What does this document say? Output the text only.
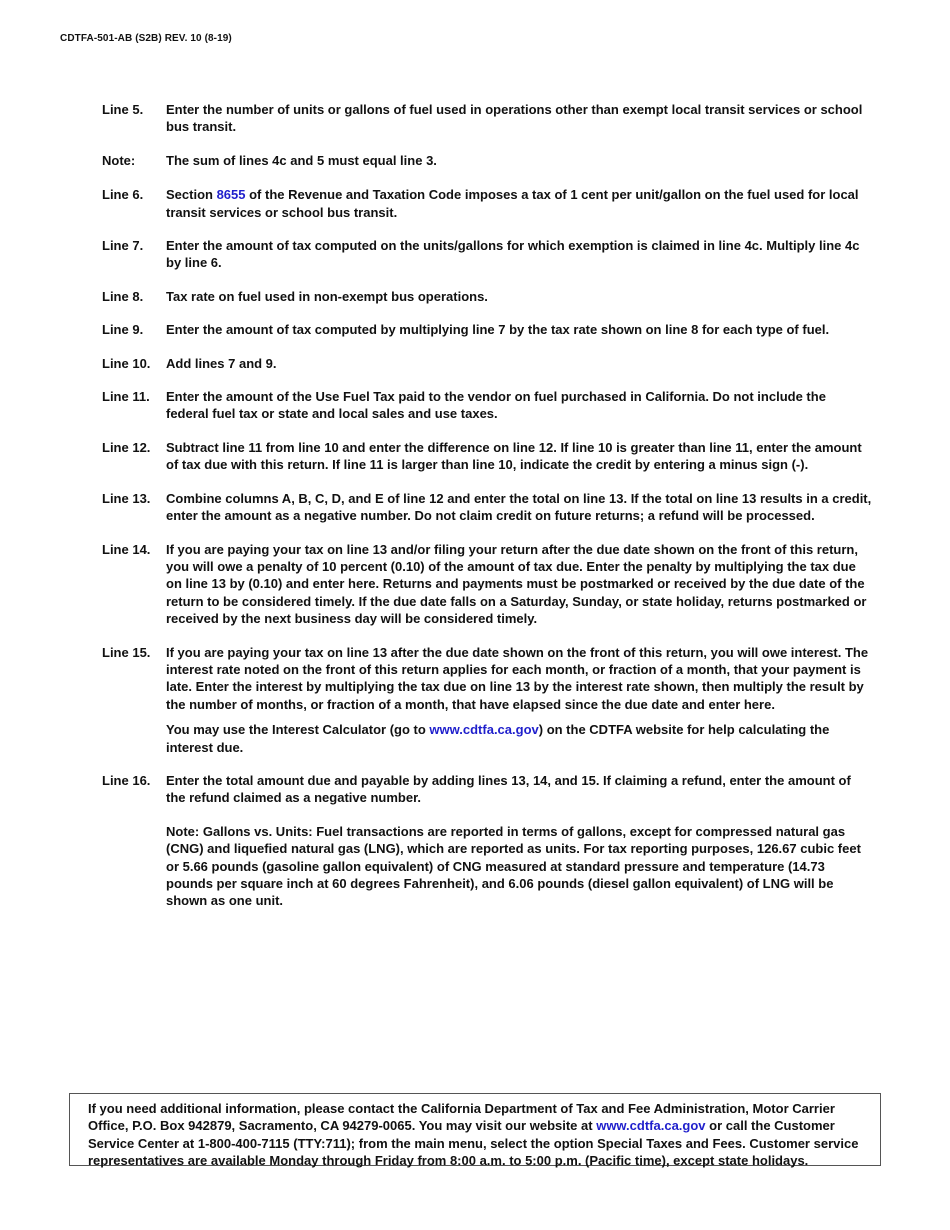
CDTFA-501-AB (S2B) REV. 10 (8-19)
Line 5.	Enter the number of units or gallons of fuel used in operations other than exempt local transit services or school bus transit.
Note:	The sum of lines 4c and 5 must equal line 3.
Line 6.	Section 8655 of the Revenue and Taxation Code imposes a tax of 1 cent per unit/gallon on the fuel used for local transit services or school bus transit.
Line 7.	Enter the amount of tax computed on the units/gallons for which exemption is claimed in line 4c. Multiply line 4c by line 6.
Line 8.	Tax rate on fuel used in non-exempt bus operations.
Line 9.	Enter the amount of tax computed by multiplying line 7 by the tax rate shown on line 8 for each type of fuel.
Line 10.	Add lines 7 and 9.
Line 11.	Enter the amount of the Use Fuel Tax paid to the vendor on fuel purchased in California. Do not include the federal fuel tax or state and local sales and use taxes.
Line 12.	Subtract line 11 from line 10 and enter the difference on line 12. If line 10 is greater than line 11, enter the amount of tax due with this return. If line 11 is larger than line 10, indicate the credit by entering a minus sign (-).
Line 13.	Combine columns A, B, C, D, and E of line 12 and enter the total on line 13. If the total on line 13 results in a credit, enter the amount as a negative number. Do not claim credit on future returns; a refund will be processed.
Line 14.	If you are paying your tax on line 13 and/or filing your return after the due date shown on the front of this return, you will owe a penalty of 10 percent (0.10) of the amount of tax due. Enter the penalty by multiplying the tax due on line 13 by (0.10) and enter here. Returns and payments must be postmarked or received by the due date of the return to be considered timely. If the due date falls on a Saturday, Sunday, or state holiday, returns postmarked or received by the next business day will be considered timely.
Line 15.	If you are paying your tax on line 13 after the due date shown on the front of this return, you will owe interest. The interest rate noted on the front of this return applies for each month, or fraction of a month, that your payment is late. Enter the interest by multiplying the tax due on line 13 by the interest rate shown, then multiply the result by the number of months, or fraction of a month, that have elapsed since the due date and enter here.
You may use the Interest Calculator (go to www.cdtfa.ca.gov) on the CDTFA website for help calculating the interest due.
Line 16.	Enter the total amount due and payable by adding lines 13, 14, and 15. If claiming a refund, enter the amount of the refund claimed as a negative number.
Note: Gallons vs. Units: Fuel transactions are reported in terms of gallons, except for compressed natural gas (CNG) and liquefied natural gas (LNG), which are reported as units. For tax reporting purposes, 126.67 cubic feet or 5.66 pounds (gasoline gallon equivalent) of CNG measured at standard pressure and temperature (14.73 pounds per square inch at 60 degrees Fahrenheit), and 6.06 pounds (diesel gallon equivalent) of LNG will be shown as one unit.
If you need additional information, please contact the California Department of Tax and Fee Administration, Motor Carrier Office, P.O. Box 942879, Sacramento, CA 94279-0065. You may visit our website at www.cdtfa.ca.gov or call the Customer Service Center at 1-800-400-7115 (TTY:711); from the main menu, select the option Special Taxes and Fees. Customer service representatives are available Monday through Friday from 8:00 a.m. to 5:00 p.m. (Pacific time), except state holidays.
